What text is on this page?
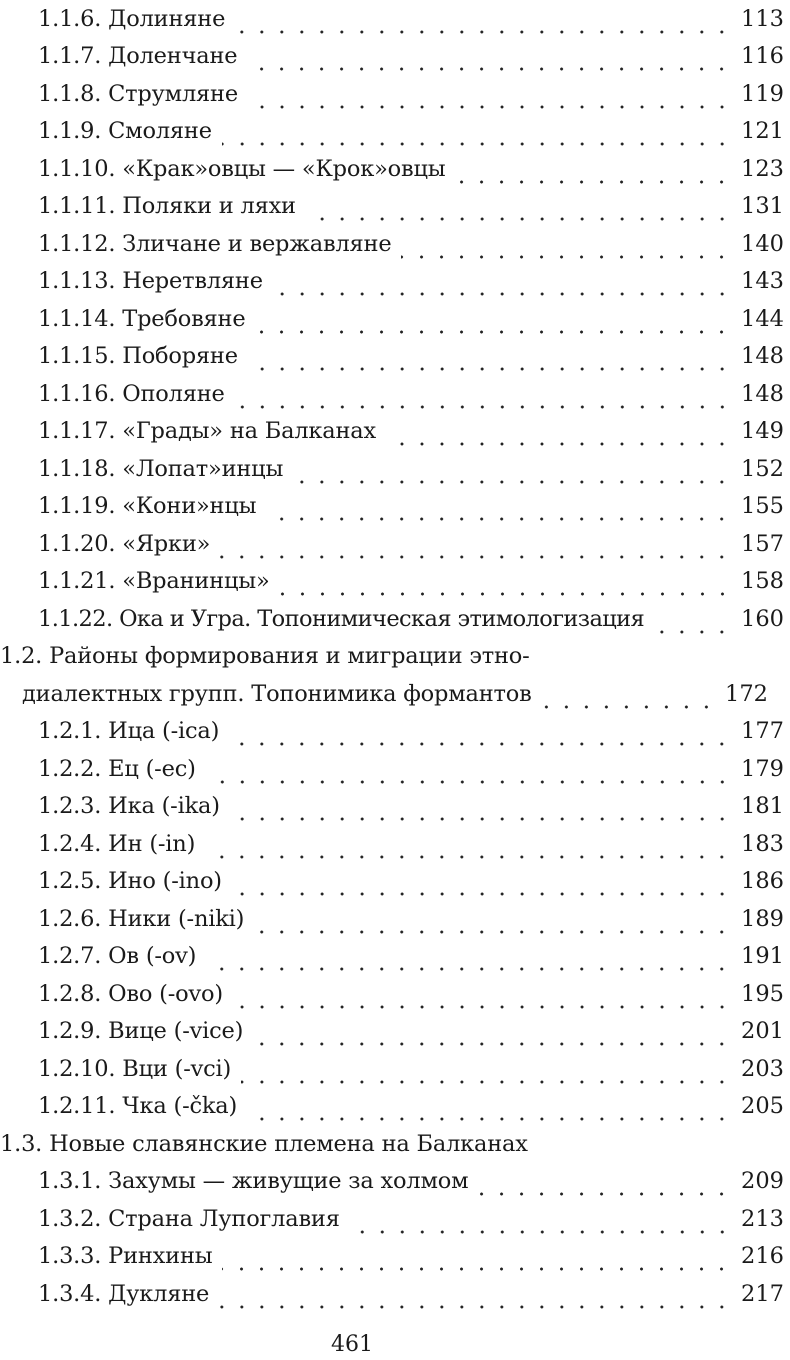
1.1.6. Долиняне	113
1.1.7. Доленчане	116
1.1.8. Струмляне	119
1.1.9. Смоляне	121
1.1.10. «Крак»овцы — «Крок»овцы	123
1.1.11. Поляки и ляхи	131
1.1.12. Зличане и вержавляне	140
1.1.13. Неретвляне	143
1.1.14. Требовяне	144
1.1.15. Поборяне	148
1.1.16. Ополяне	148
1.1.17. «Грады» на Балканах	149
1.1.18. «Лопат»инцы	152
1.1.19. «Кони»нцы	155
1.1.20. «Ярки»	157
1.1.21. «Вранинцы»	158
1.1.22. Ока и Угра. Топонимическая этимологизация	160
1.2. Районы формирования и миграции этно-
диалектных групп. Топонимика формантов	172
1.2.1. Ица (-ica)	177
1.2.2. Ец (-ec)	179
1.2.3. Ика (-ika)	181
1.2.4. Ин (-in)	183
1.2.5. Ино (-ino)	186
1.2.6. Ники (-niki)	189
1.2.7. Ов (-ov)	191
1.2.8. Ово (-ovo)	195
1.2.9. Вице (-vice)	201
1.2.10. Вци (-vci)	203
1.2.11. Чка (-čka)	205
1.3. Новые славянские племена на Балканах
1.3.1. Захумы — живущие за холмом	209
1.3.2. Страна Лупоглавия	213
1.3.3. Ринхины	216
1.3.4. Дукляне	217
461
